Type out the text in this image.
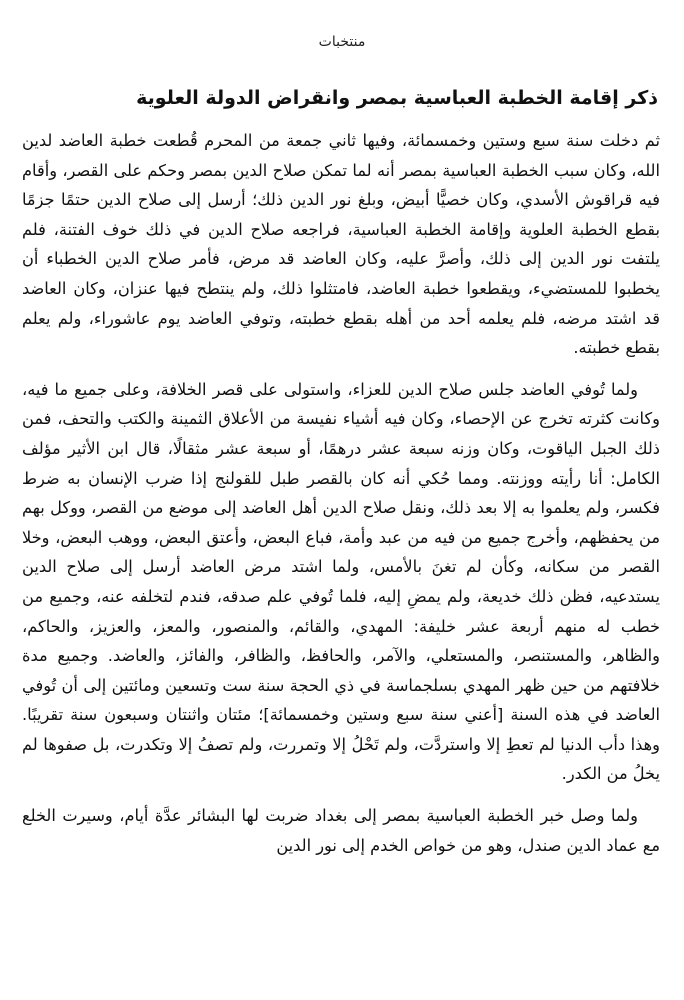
منتخبات
ذكر إقامة الخطبة العباسية بمصر وانقراض الدولة العلوية

ثم دخلت سنة سبع وستين وخمسمائة، وفيها ثاني جمعة من المحرم قُطعت خطبة العاضد لدين الله، وكان سبب الخطبة العباسية بمصر أنه لما تمكن صلاح الدين بمصر وحكم على القصر، وأقام فيه قراقوش الأسدي، وكان خصيًّا أبيض، وبلغ نور الدين ذلك؛ أرسل إلى صلاح الدين حتمًا جزمًا بقطع الخطبة العلوية وإقامة الخطبة العباسية، فراجعه صلاح الدين في ذلك خوف الفتنة، فلم يلتفت نور الدين إلى ذلك، وأصرَّ عليه، وكان العاضد قد مرض، فأمر صلاح الدين الخطباء أن يخطبوا للمستضيء، ويقطعوا خطبة العاضد، فامتثلوا ذلك، ولم ينتطح فيها عنزان، وكان العاضد قد اشتد مرضه، فلم يعلمه أحد من أهله بقطع خطبته، وتوفي العاضد يوم عاشوراء، ولم يعلم بقطع خطبته.

ولما تُوفي العاضد جلس صلاح الدين للعزاء، واستولى على قصر الخلافة، وعلى جميع ما فيه، وكانت كثرته تخرج عن الإحصاء، وكان فيه أشياء نفيسة من الأعلاق الثمينة والكتب والتحف، فمن ذلك الجبل الياقوت، وكان وزنه سبعة عشر درهمًا، أو سبعة عشر مثقالًا، قال ابن الأثير مؤلف الكامل: أنا رأيته ووزنته. ومما حُكي أنه كان بالقصر طبل للقولنج إذا ضرب الإنسان به ضرط فكسر، ولم يعلموا به إلا بعد ذلك، ونقل صلاح الدين أهل العاضد إلى موضع من القصر، ووكل بهم من يحفظهم، وأخرج جميع من فيه من عبد وأمة، فباع البعض، وأعتق البعض، ووهب البعض، وخلا القصر من سكانه، وكأن لم تغنَ بالأمس، ولما اشتد مرض العاضد أرسل إلى صلاح الدين يستدعيه، فظن ذلك خديعة، ولم يمضِ إليه، فلما تُوفي علم صدقه، فندم لتخلفه عنه، وجميع من خطب له منهم أربعة عشر خليفة: المهدي، والقائم، والمنصور، والمعز، والعزيز، والحاكم، والظاهر، والمستنصر، والمستعلي، والآمر، والحافظ، والظافر، والفائز، والعاضد. وجميع مدة خلافتهم من حين ظهر المهدي بسلجماسة في ذي الحجة سنة ست وتسعين ومائتين إلى أن تُوفي العاضد في هذه السنة [أعني سنة سبع وستين وخمسمائة]؛ مئتان واثنتان وسبعون سنة تقريبًا. وهذا دأب الدنيا لم تعطِ إلا واستردَّت، ولم تَحْلُ إلا وتمررت، ولم تصفُ إلا وتكدرت، بل صفوها لم يخلُ من الكدر.

ولما وصل خبر الخطبة العباسية بمصر إلى بغداد ضربت لها البشائر عدَّة أيام، وسيرت الخلع مع عماد الدين صندل، وهو من خواص الخدم إلى نور الدين
